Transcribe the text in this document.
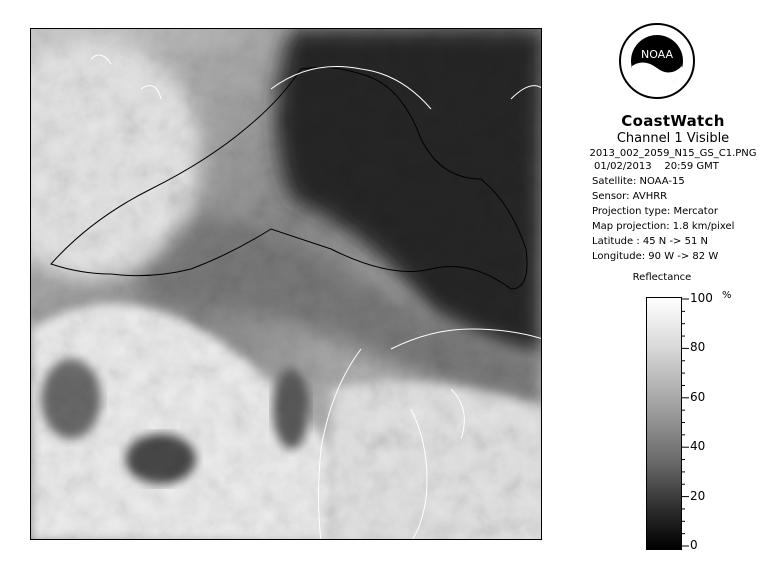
NOAA
CoastWatch
Channel 1 Visible
2013_002_2059_N15_GS_C1.PNG
01/02/2013 20:59 GMT
Satellite: NOAA-15
Sensor: AVHRR
Projection type: Mercator
Map projection: 1.8 km/pixel
Latitude : 45 N -> 51 N
Longitude: 90 W -> 82 W
Reflectance
%
100
80
60
40
20
0
